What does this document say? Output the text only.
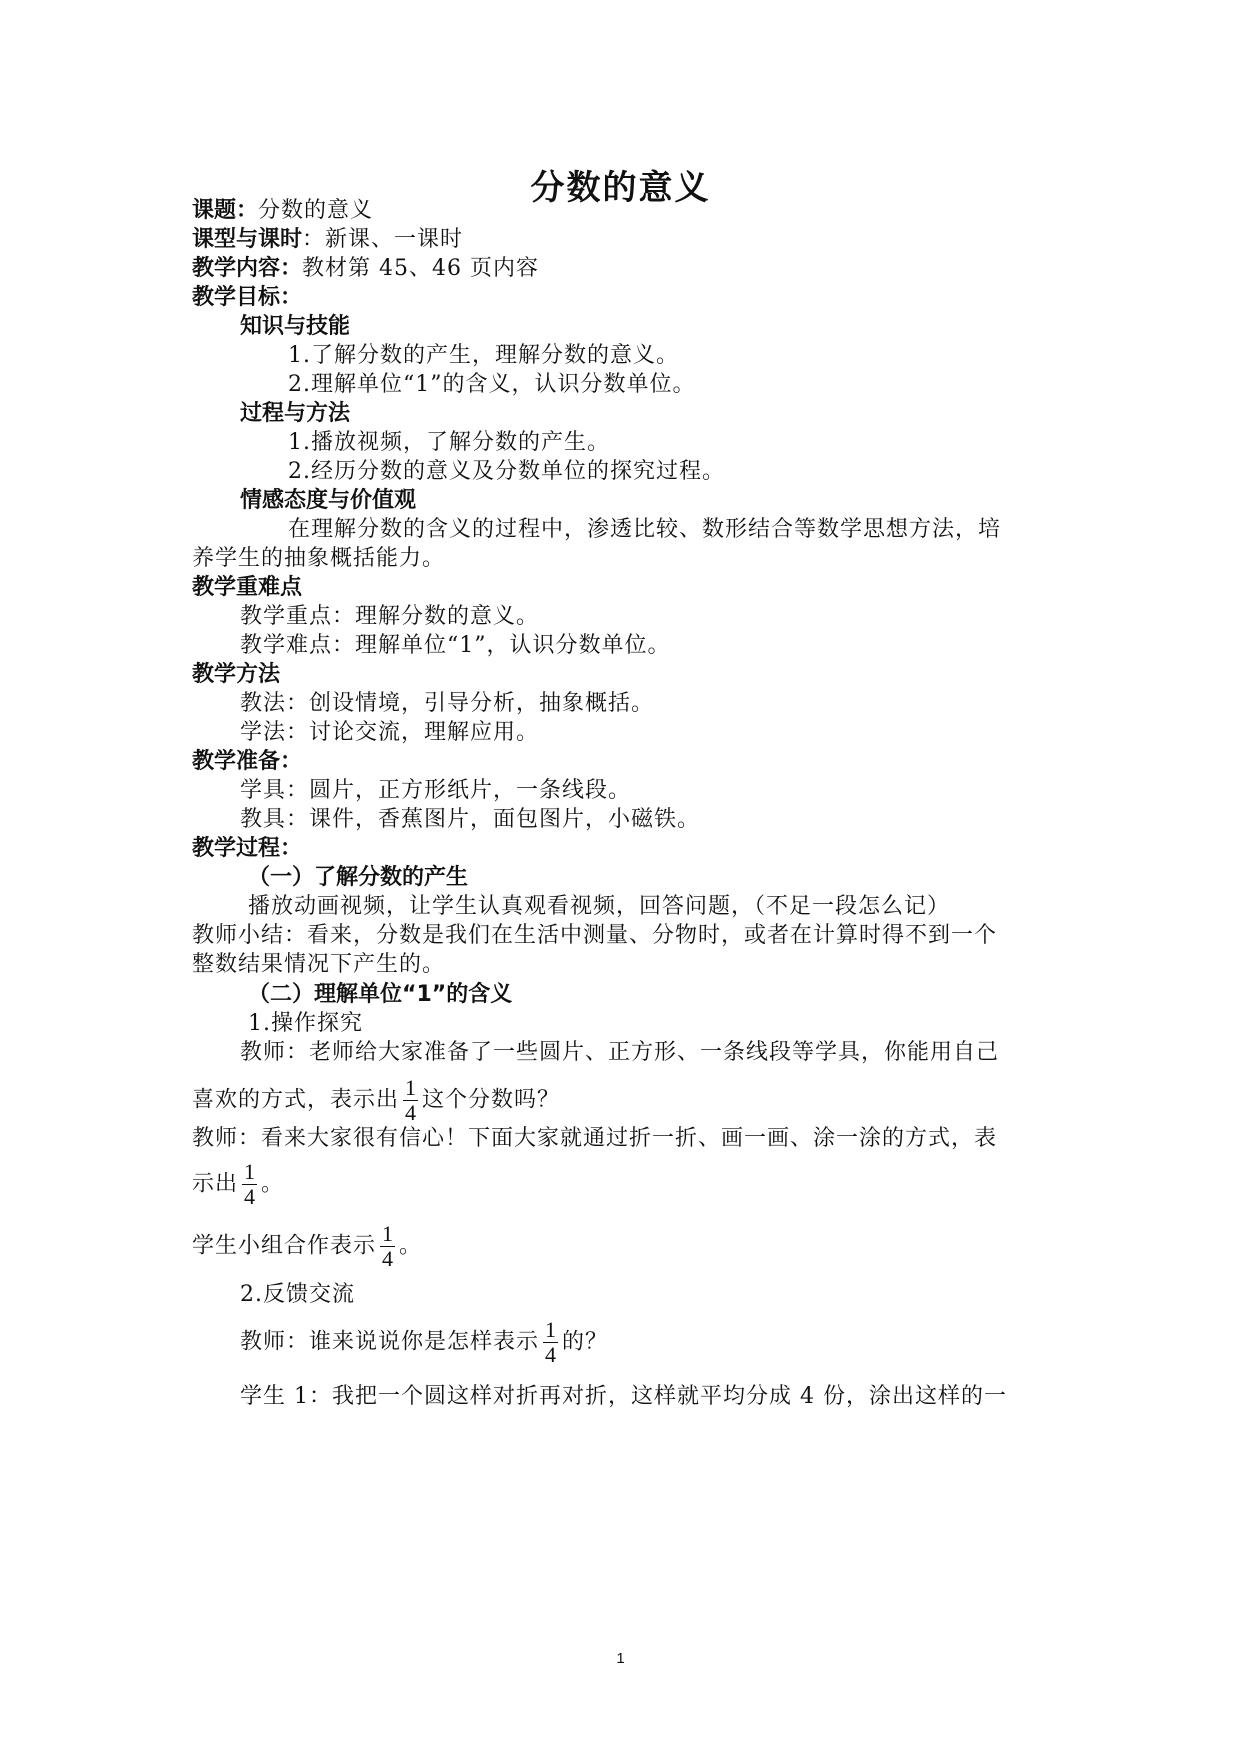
分数的意义
课题：分数的意义
课型与课时：新课、一课时
教学内容：教材第 45、46 页内容
教学目标：
知识与技能
1.了解分数的产生，理解分数的意义。
2.理解单位“1”的含义，认识分数单位。
过程与方法
1.播放视频，了解分数的产生。
2.经历分数的意义及分数单位的探究过程。
情感态度与价值观
在理解分数的含义的过程中，渗透比较、数形结合等数学思想方法，培
养学生的抽象概括能力。
教学重难点
教学重点：理解分数的意义。
教学难点：理解单位“1”，认识分数单位。
教学方法
教法：创设情境，引导分析，抽象概括。
学法：讨论交流，理解应用。
教学准备：
学具：圆片，正方形纸片，一条线段。
教具：课件，香蕉图片，面包图片，小磁铁。
教学过程：
（一）了解分数的产生
播放动画视频，让学生认真观看视频，回答问题，（不足一段怎么记）
教师小结：看来，分数是我们在生活中测量、分物时，或者在计算时得不到一个
整数结果情况下产生的。
（二）理解单位“1”的含义
1.操作探究
教师：老师给大家准备了一些圆片、正方形、一条线段等学具，你能用自己
喜欢的方式，表示出 $\frac{1}{4}$ 这个分数吗？
教师：看来大家很有信心！下面大家就通过折一折、画一画、涂一涂的方式，表
示出 $\frac{1}{4}$ 。
学生小组合作表示 $\frac{1}{4}$ 。
2.反馈交流
教师：谁来说说你是怎样表示 $\frac{1}{4}$ 的？
学生 1：我把一个圆这样对折再对折，这样就平均分成 4 份，涂出这样的一
1
